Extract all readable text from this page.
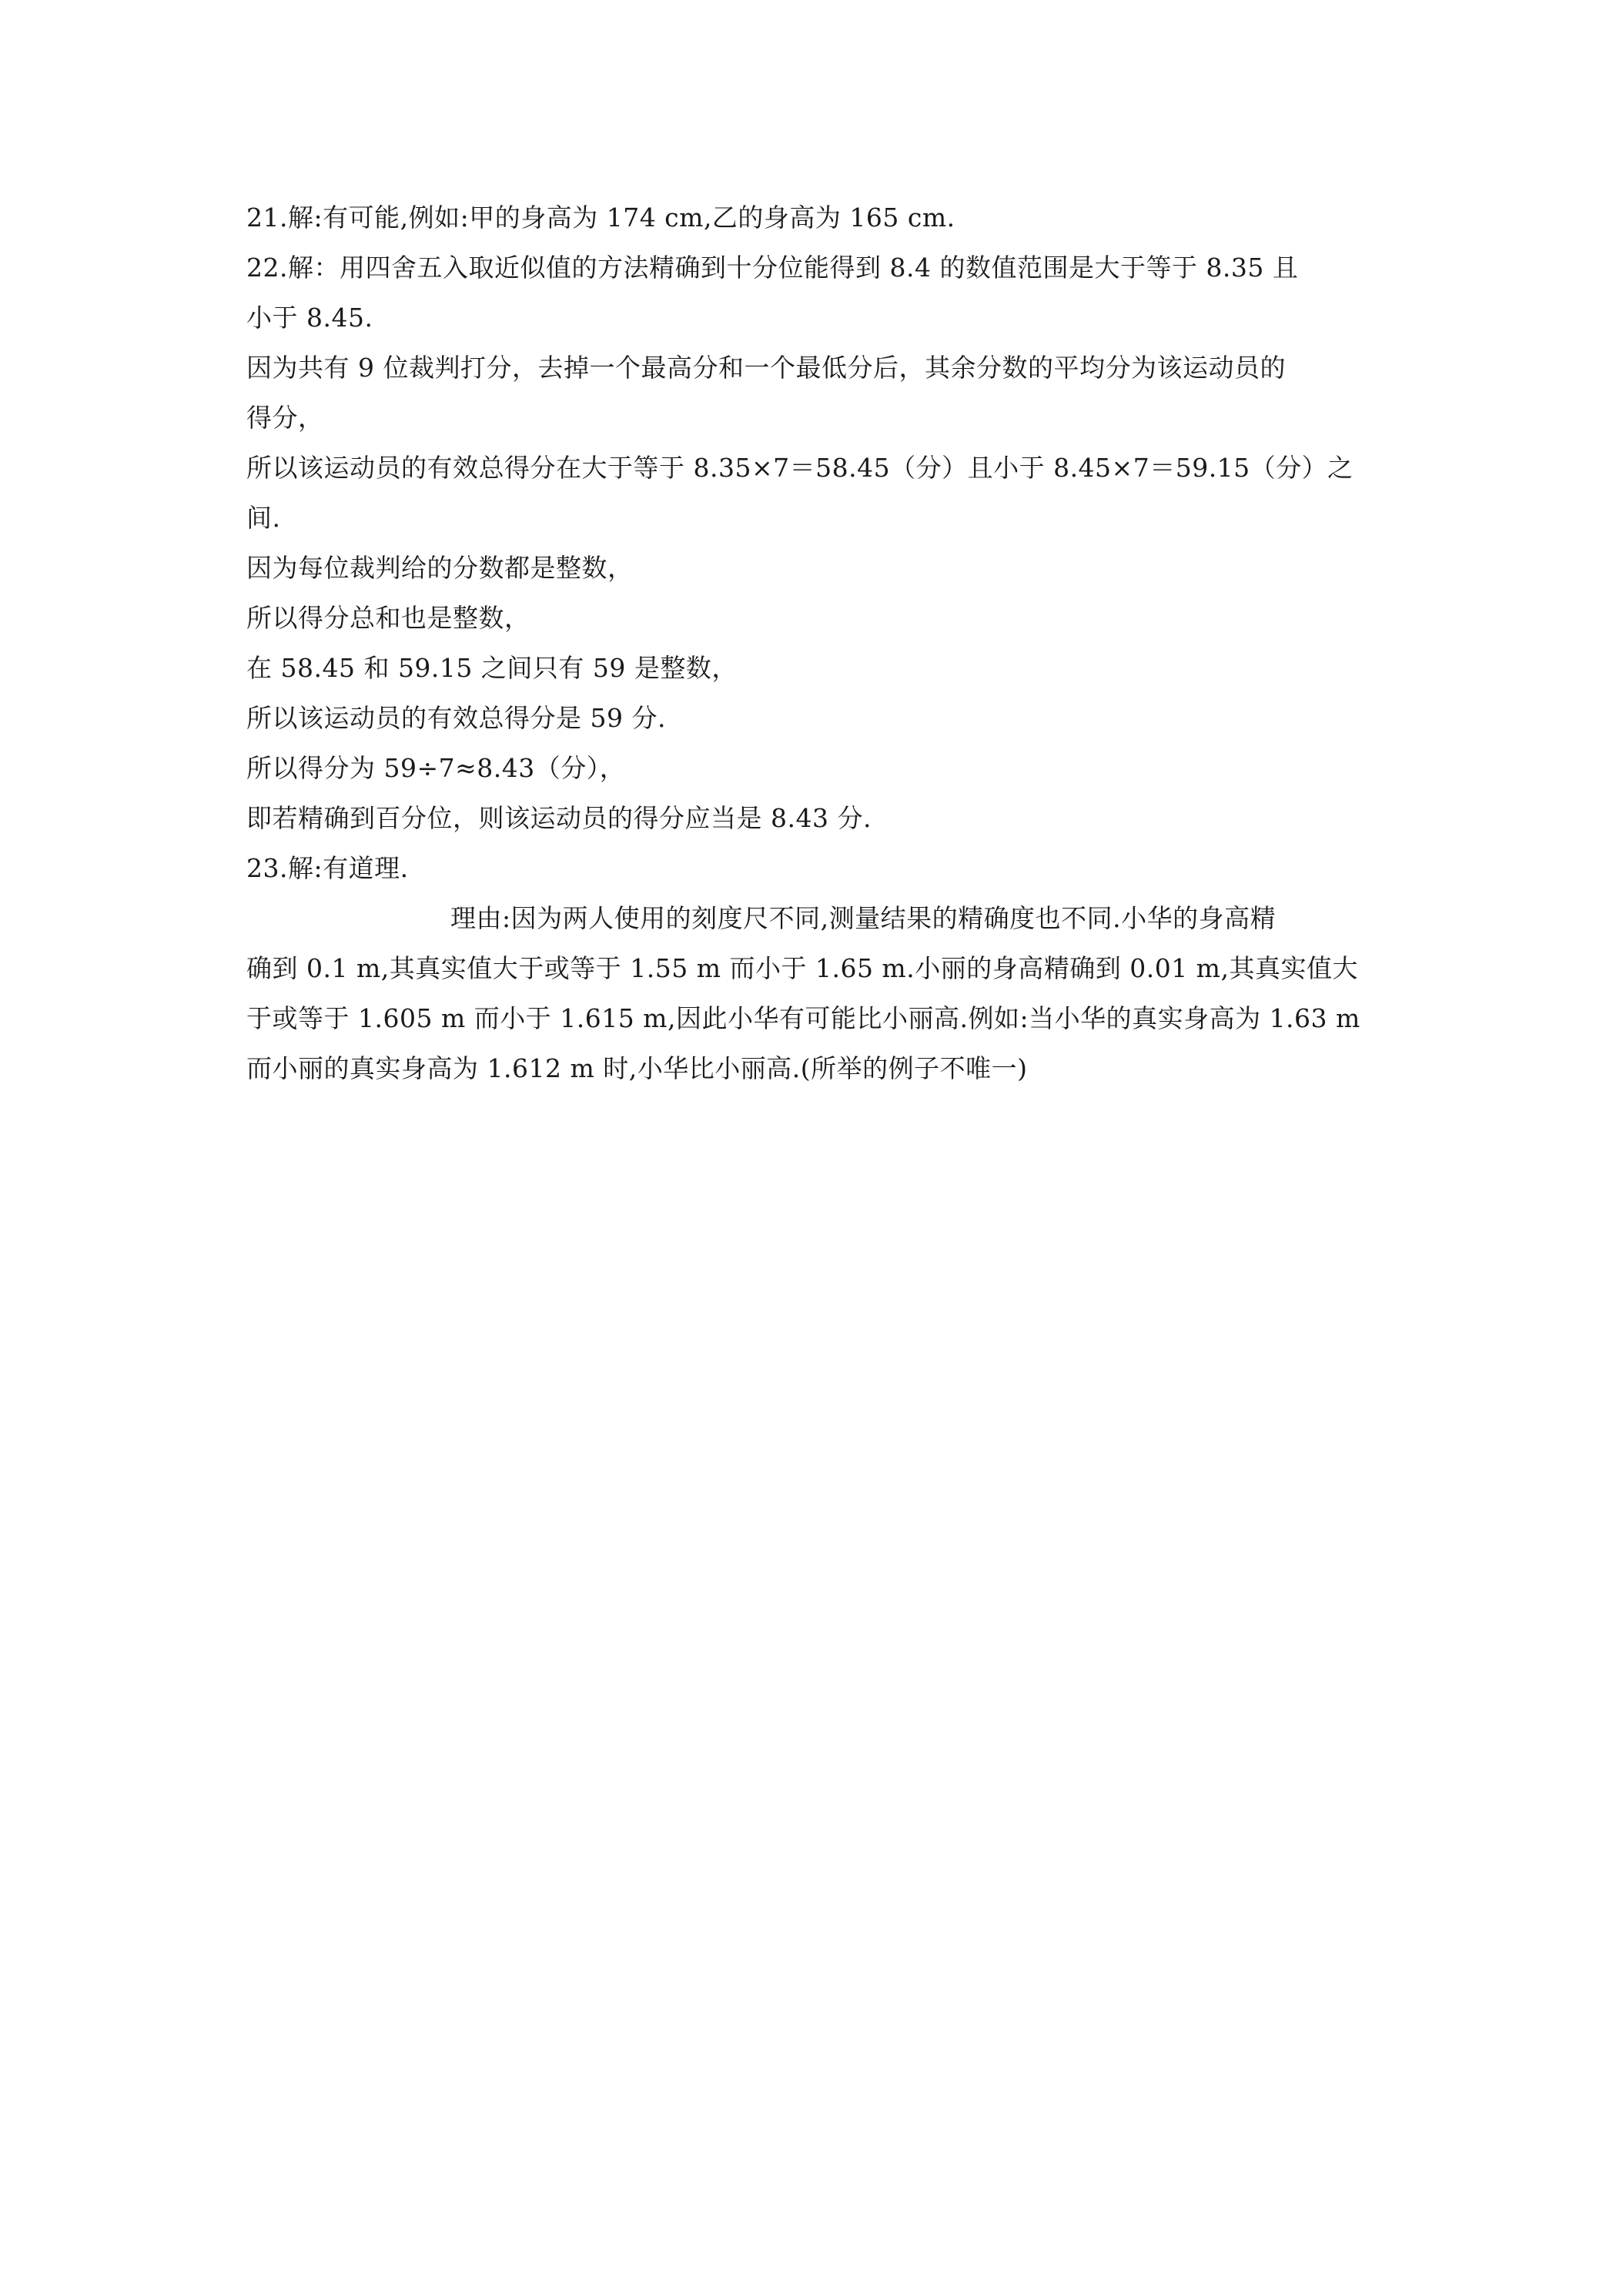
21.解:有可能,例如:甲的身高为 174 cm,乙的身高为 165 cm.
22.解：用四舍五入取近似值的方法精确到十分位能得到 8.4 的数值范围是大于等于 8.35 且
小于 8.45.
因为共有 9 位裁判打分，去掉一个最高分和一个最低分后，其余分数的平均分为该运动员的
得分，
所以该运动员的有效总得分在大于等于 8.35×7＝58.45（分）且小于 8.45×7＝59.15（分）之
间.
因为每位裁判给的分数都是整数，
所以得分总和也是整数，
在 58.45 和 59.15 之间只有 59 是整数，
所以该运动员的有效总得分是 59 分.
所以得分为 59÷7≈8.43（分），
即若精确到百分位，则该运动员的得分应当是 8.43 分.
23.解:有道理.
理由:因为两人使用的刻度尺不同,测量结果的精确度也不同.小华的身高精
确到 0.1 m,其真实值大于或等于 1.55 m 而小于 1.65 m.小丽的身高精确到 0.01 m,其真实值大
于或等于 1.605 m 而小于 1.615 m,因此小华有可能比小丽高.例如:当小华的真实身高为 1.63 m
而小丽的真实身高为 1.612 m 时,小华比小丽高.(所举的例子不唯一)
